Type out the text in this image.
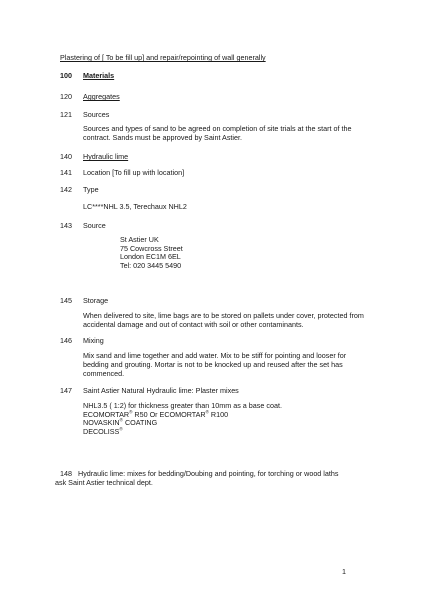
Plastering of [ To be fill up] and repair/repointing of wall generally
100 Materials
120 Aggregates
121 Sources
Sources and types of sand to be agreed on completion of site trials at the start of the contract. Sands must be approved by Saint Astier.
140 Hydraulic lime
141 Location [To fill up with location]
142 Type
LC****NHL 3.5, Terechaux NHL2
143 Source
St Astier UK
75 Cowcross Street
London EC1M 6EL
Tel: 020 3445 5490
145 Storage
When delivered to site, lime bags are to be stored on pallets under cover, protected from accidental damage and out of contact with soil or other contaminants.
146 Mixing
Mix sand and lime together and add water. Mix to be stiff for pointing and looser for bedding and grouting. Mortar is not to be knocked up and reused after the set has commenced.
147 Saint Astier Natural Hydraulic lime: Plaster mixes
NHL3.5 ( 1:2) for thickness greater than 10mm as a base coat.
ECOMORTAR® R50 Or ECOMORTAR® R100
NOVASKIN® COATING
DECOLISS®
148 Hydraulic lime: mixes for bedding/Doubing and pointing, for torching or wood laths
ask Saint Astier technical dept.
1
